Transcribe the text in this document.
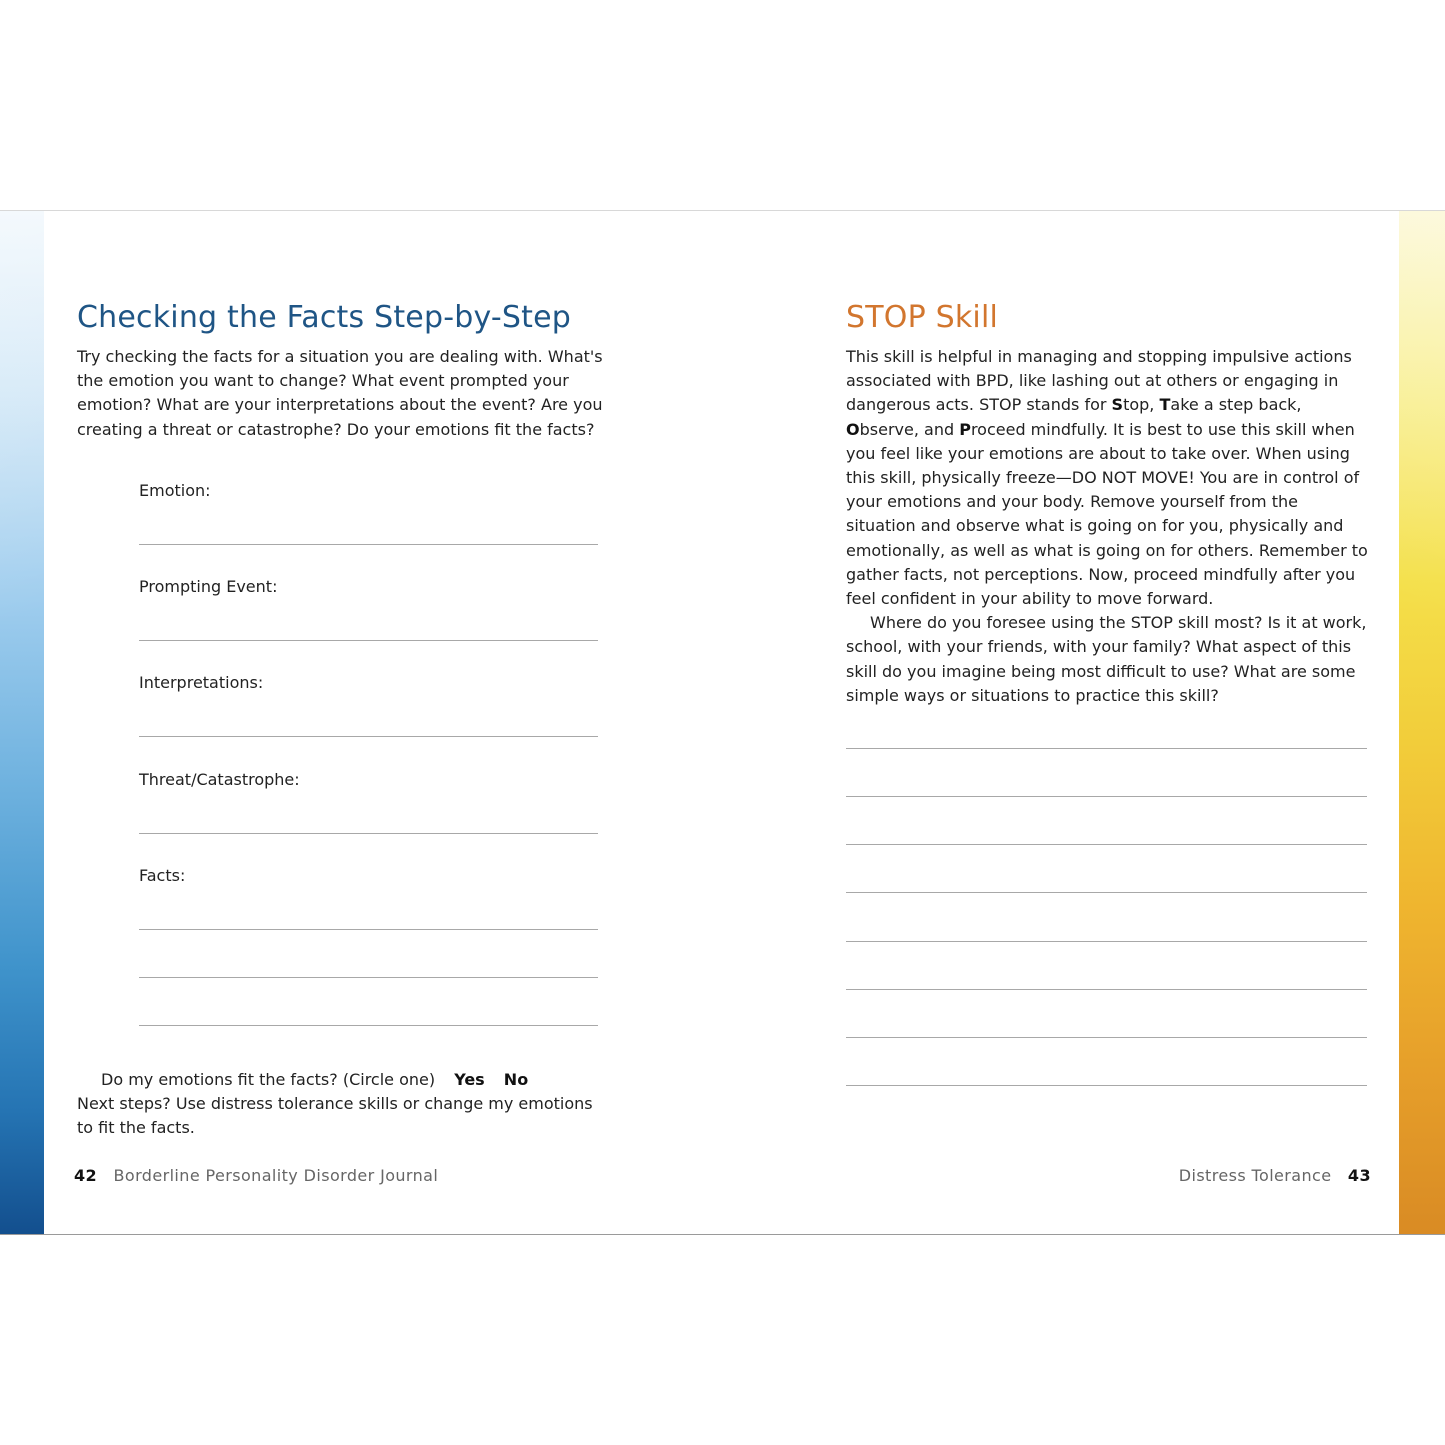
Checking the Facts Step-by-Step

Try checking the facts for a situation you are dealing with. What's the emotion you want to change? What event prompted your emotion? What are your interpretations about the event? Are you creating a threat or catastrophe? Do your emotions fit the facts?

Emotion:
Prompting Event:
Interpretations:
Threat/Catastrophe:
Facts:
Do my emotions fit the facts? (Circle one) Yes No
Next steps? Use distress tolerance skills or change my emotions to fit the facts.
42 Borderline Personality Disorder Journal
STOP Skill

This skill is helpful in managing and stopping impulsive actions associated with BPD, like lashing out at others or engaging in dangerous acts. STOP stands for Stop, Take a step back, Observe, and Proceed mindfully. It is best to use this skill when you feel like your emotions are about to take over. When using this skill, physically freeze—DO NOT MOVE! You are in control of your emotions and your body. Remove yourself from the situation and observe what is going on for you, physically and emotionally, as well as what is going on for others. Remember to gather facts, not perceptions. Now, proceed mindfully after you feel confident in your ability to move forward.
Where do you foresee using the STOP skill most? Is it at work, school, with your friends, with your family? What aspect of this skill do you imagine being most difficult to use? What are some simple ways or situations to practice this skill?

Distress Tolerance 43
